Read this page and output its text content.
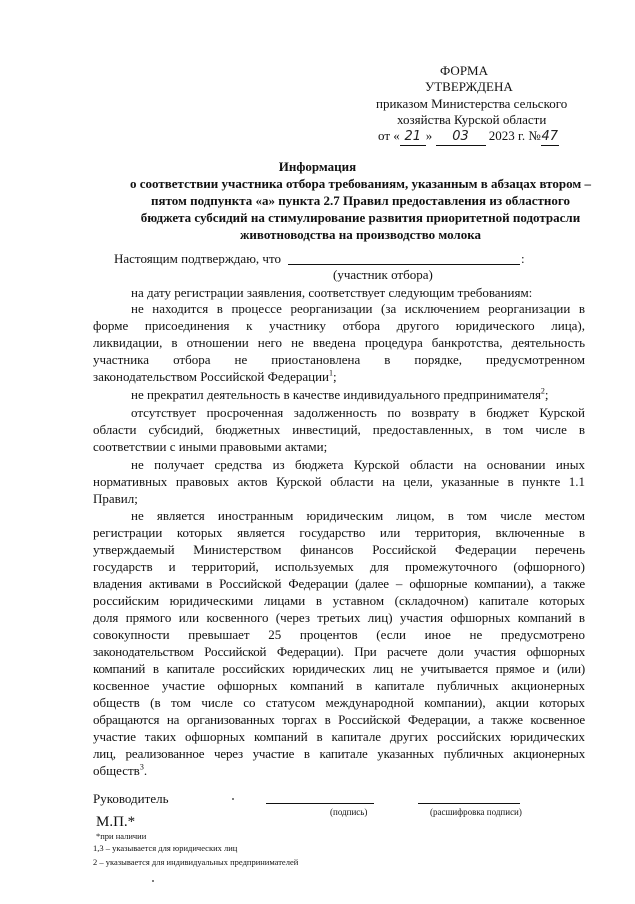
ФОРМА
УТВЕРЖДЕНА
приказом Министерства сельского
хозяйства Курской области
от « 21 » 03 2023 г. №47
Информация
о соответствии участника отбора требованиям, указанным в абзацах втором –
пятом подпункта «а» пункта 2.7 Правил предоставления из областного
бюджета субсидий на стимулирование развития приоритетной подотрасли
животноводства на производство молока
Настоящим подтверждаю, что	:
(участник отбора)
на дату регистрации заявления, соответствует следующим требованиям:
не находится в процессе реорганизации (за исключением реорганизации в
форме присоединения к участнику отбора другого юридического лица),
ликвидации, в отношении него не введена процедура банкротства, деятельность
участника отбора не приостановлена в порядке, предусмотренном
законодательством Российской Федерации$^1$;
не прекратил деятельность в качестве индивидуального предпринимателя$^2$;
отсутствует просроченная задолженность по возврату в бюджет Курской
области субсидий, бюджетных инвестиций, предоставленных, в том числе в
соответствии с иными правовыми актами;
не получает средства из бюджета Курской области на основании иных
нормативных правовых актов Курской области на цели, указанные в пункте 1.1
Правил;
не является иностранным юридическим лицом, в том числе местом
регистрации которых является государство или территория, включенные в
утверждаемый Министерством финансов Российской Федерации перечень
государств и территорий, используемых для промежуточного (офшорного)
владения активами в Российской Федерации (далее – офшорные компании), а также
российским юридическими лицами в уставном (складочном) капитале которых
доля прямого или косвенного (через третьих лиц) участия офшорных компаний в
совокупности превышает 25 процентов (если иное не предусмотрено
законодательством Российской Федерации). При расчете доли участия офшорных
компаний в капитале российских юридических лиц не учитывается прямое и (или)
косвенное участие офшорных компаний в капитале публичных акционерных
обществ (в том числе со статусом международной компании), акции которых
обращаются на организованных торгах в Российской Федерации, а также косвенное
участие таких офшорных компаний в капитале других российских юридических
лиц, реализованное через участие в капитале указанных публичных акционерных
обществ$^3$.
Руководитель
(подпись)	(расшифровка подписи)
М.П.*
*при наличии
1,3 – указывается для юридических лиц
2 – указывается для индивидуальных предпринимателей
